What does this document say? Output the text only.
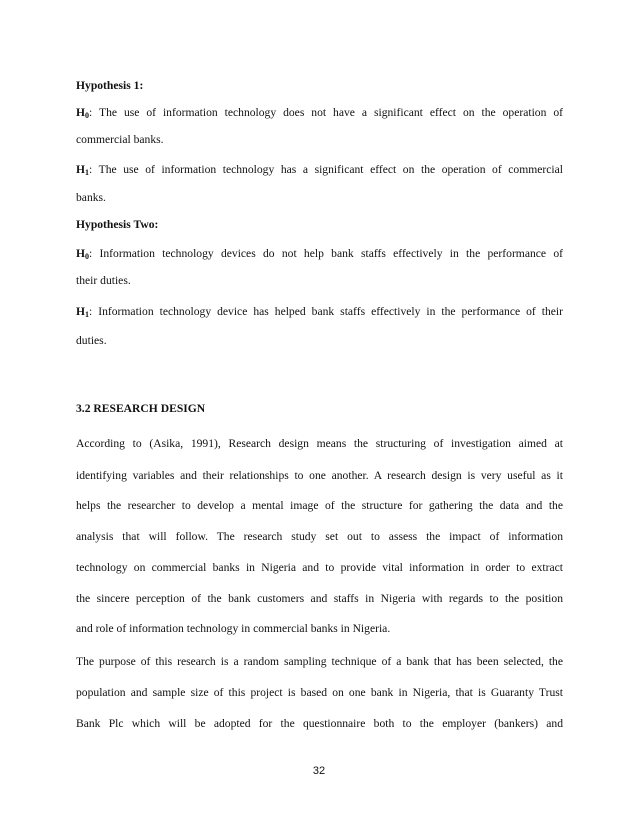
Hypothesis 1:
$H_0$: The use of information technology does not have a significant effect on the operation of
commercial banks.
$H_1$: The use of information technology has a significant effect on the operation of commercial
banks.
Hypothesis Two:
$H_0$: Information technology devices do not help bank staffs effectively in the performance of
their duties.
$H_1$: Information technology device has helped bank staffs effectively in the performance of their
duties.
3.2 RESEARCH DESIGN
According to (Asika, 1991), Research design means the structuring of investigation aimed at
identifying variables and their relationships to one another. A research design is very useful as it
helps the researcher to develop a mental image of the structure for gathering the data and the
analysis that will follow. The research study set out to assess the impact of information
technology on commercial banks in Nigeria and to provide vital information in order to extract
the sincere perception of the bank customers and staffs in Nigeria with regards to the position
and role of information technology in commercial banks in Nigeria.
The purpose of this research is a random sampling technique of a bank that has been selected, the
population and sample size of this project is based on one bank in Nigeria, that is Guaranty Trust
Bank Plc which will be adopted for the questionnaire both to the employer (bankers) and
32
